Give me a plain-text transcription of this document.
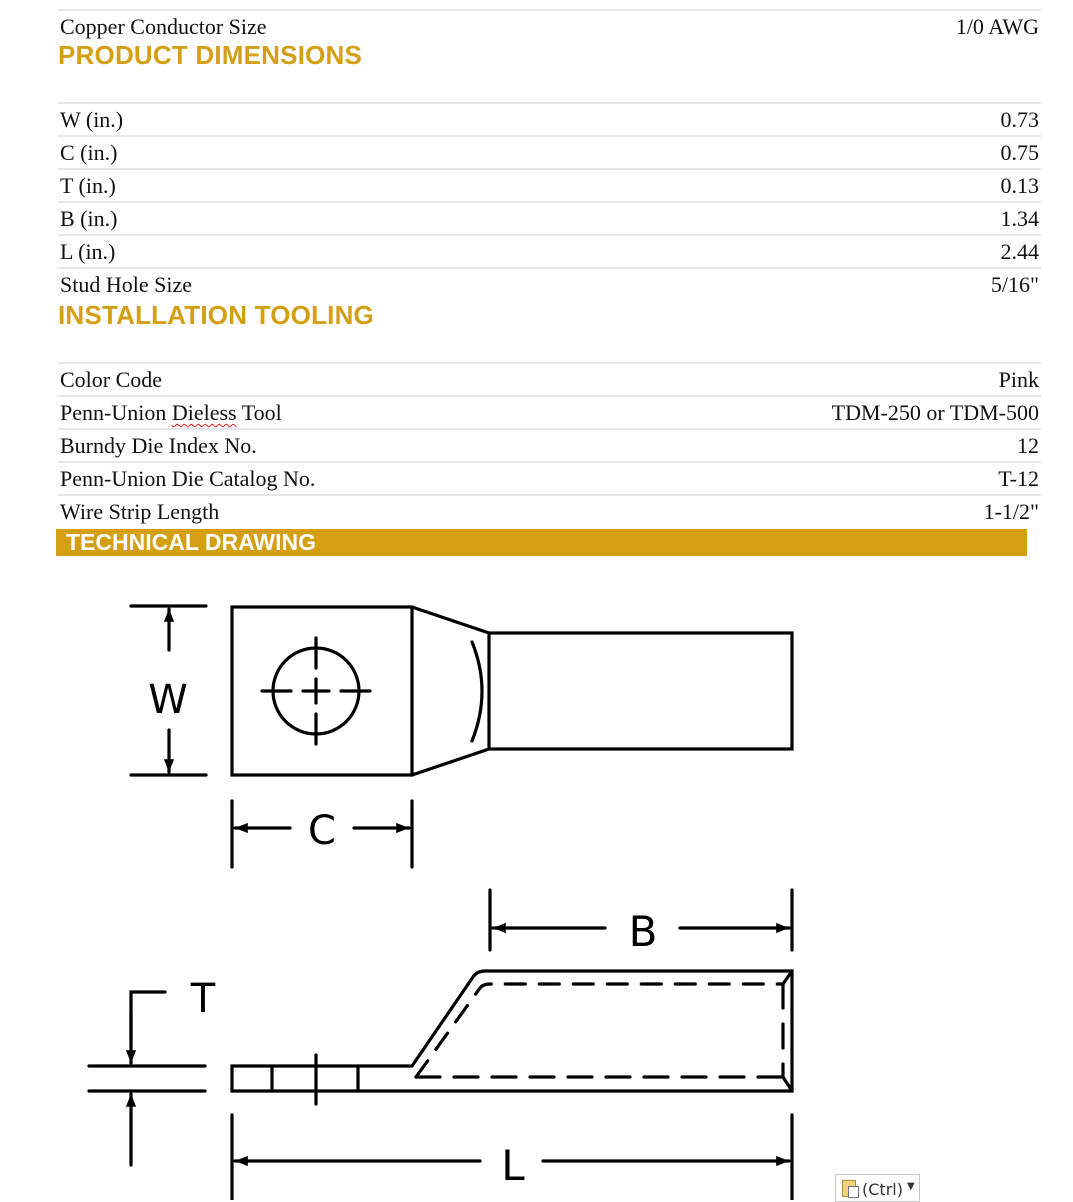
Copper Conductor Size	1/0 AWG
PRODUCT DIMENSIONS
W (in.)	0.73
C (in.)	0.75
T (in.)	0.13
B (in.)	1.34
L (in.)	2.44
Stud Hole Size	5/16"
INSTALLATION TOOLING
Color Code	Pink
Penn-Union Dieless Tool	TDM-250 or TDM-500
Burndy Die Index No.	12
Penn-Union Die Catalog No.	T-12
Wire Strip Length	1-1/2"
TECHNICAL DRAWING
W
C
B
T
L	(Ctrl) ▼
